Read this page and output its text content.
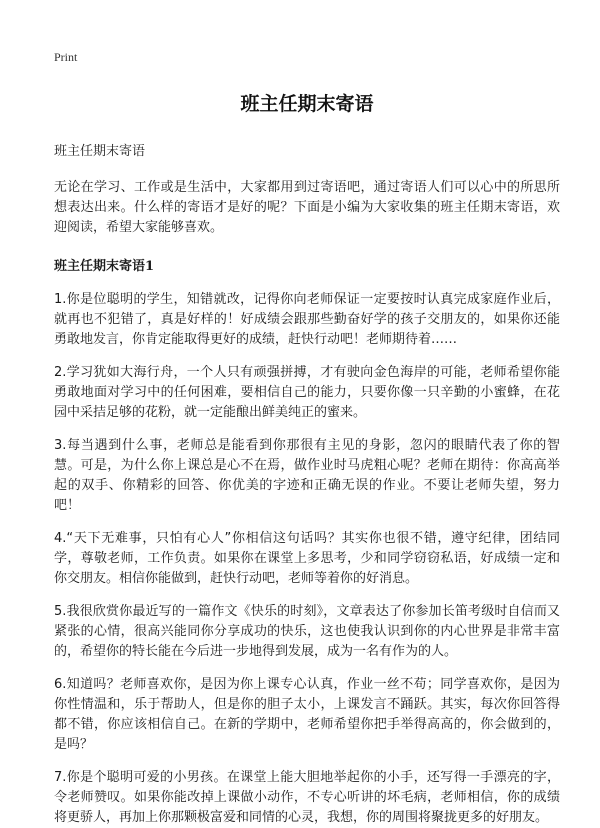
Print
班主任期末寄语
班主任期末寄语

无论在学习、工作或是生活中，大家都用到过寄语吧，通过寄语人们可以心中的所思所想表达出来。什么样的寄语才是好的呢？下面是小编为大家收集的班主任期末寄语，欢迎阅读，希望大家能够喜欢。

班主任期末寄语1

1.你是位聪明的学生，知错就改，记得你向老师保证一定要按时认真完成家庭作业后，就再也不犯错了，真是好样的！好成绩会跟那些勤奋好学的孩子交朋友的，如果你还能勇敢地发言，你肯定能取得更好的成绩，赶快行动吧！老师期待着……

2.学习犹如大海行舟，一个人只有顽强拼搏，才有驶向金色海岸的可能，老师希望你能勇敢地面对学习中的任何困难，要相信自己的能力，只要你像一只辛勤的小蜜蜂，在花园中采拮足够的花粉，就一定能酿出鲜美纯正的蜜来。

3.每当遇到什么事，老师总是能看到你那很有主见的身影，忽闪的眼睛代表了你的智慧。可是，为什么你上课总是心不在焉，做作业时马虎粗心呢？老师在期待：你高高举起的双手、你精彩的回答、你优美的字迹和正确无误的作业。不要让老师失望，努力吧！

4.“天下无难事，只怕有心人”你相信这句话吗？其实你也很不错，遵守纪律，团结同学，尊敬老师，工作负责。如果你在课堂上多思考，少和同学窃窃私语，好成绩一定和你交朋友。相信你能做到，赶快行动吧，老师等着你的好消息。

5.我很欣赏你最近写的一篇作文《快乐的时刻》，文章表达了你参加长笛考级时自信而又紧张的心情，很高兴能同你分享成功的快乐，这也使我认识到你的内心世界是非常丰富的，希望你的特长能在今后进一步地得到发展，成为一名有作为的人。

6.知道吗？老师喜欢你，是因为你上课专心认真，作业一丝不苟；同学喜欢你，是因为你性情温和，乐于帮助人，但是你的胆子太小，上课发言不踊跃。其实，每次你回答得都不错，你应该相信自己。在新的学期中，老师希望你把手举得高高的，你会做到的，是吗？

7.你是个聪明可爱的小男孩。在课堂上能大胆地举起你的小手，还写得一手漂亮的字，令老师赞叹。如果你能改掉上课做小动作，不专心听讲的坏毛病，老师相信，你的成绩将更骄人，再加上你那颗极富爱和同情的心灵，我想，你的周围将聚拢更多的好朋友。
